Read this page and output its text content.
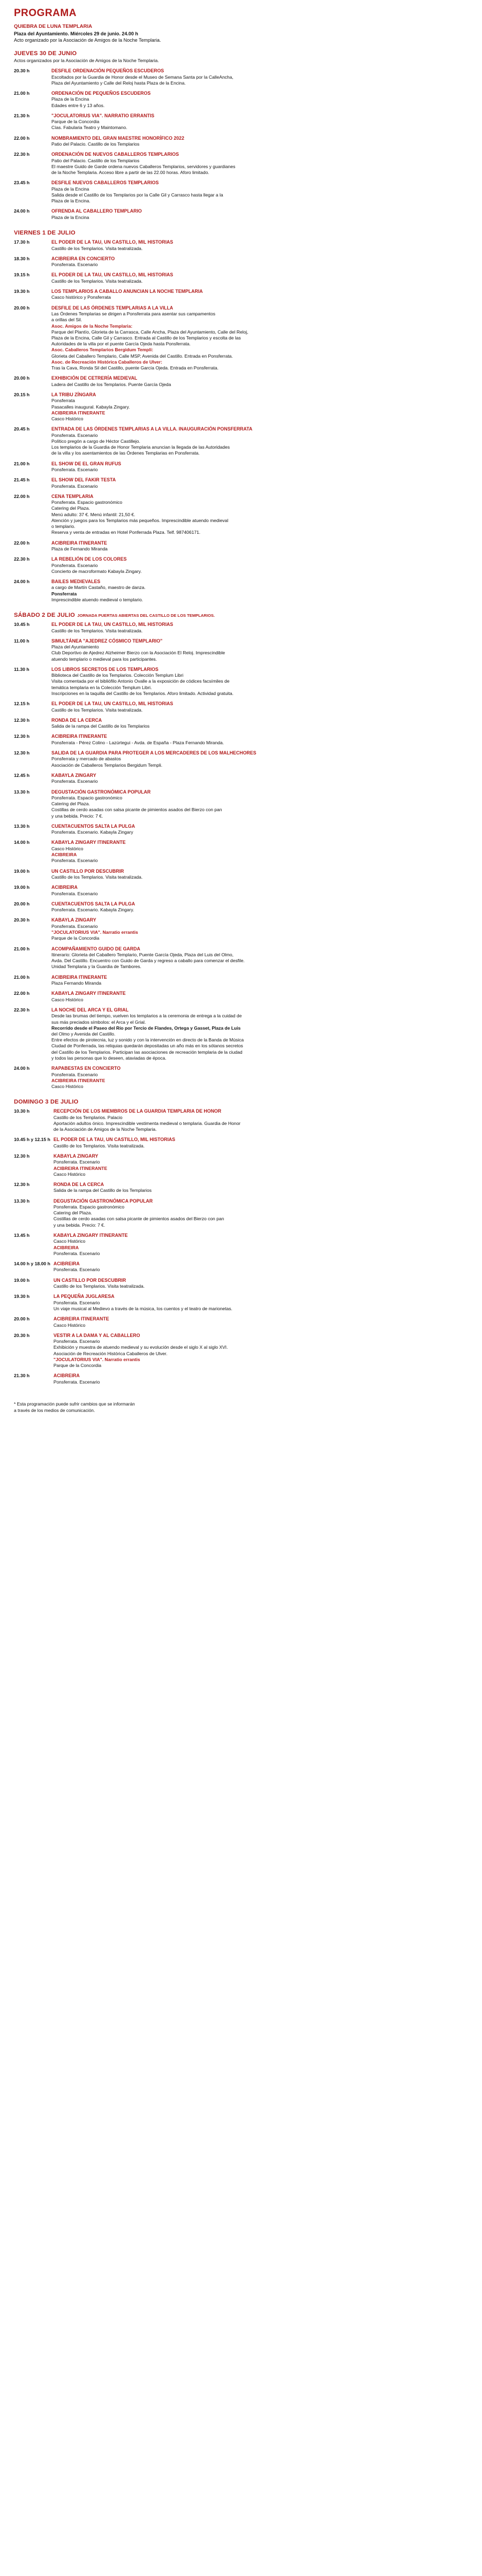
PROGRAMA

QUIEBRA DE LUNA TEMPLARIA

Plaza del Ayuntamiento. Miércoles 29 de junio. 24.00 h

Acto organizado por la Asociación de Amigos de la Noche Templaria.

JUEVES 30 DE JUNIO
Actos organizados por la Asociación de Amigos de la Noche Templaria.
20.30 h	DESFILE ORDENACIÓN PEQUEÑOS ESCUDEROS

Escoltados por la Guardia de Honor desde el Museo de Semana Santa por la CalleAncha,

Plaza del Ayuntamiento y Calle del Reloj hasta Plaza de la Encina.

21.00 h	ORDENACIÓN DE PEQUEÑOS ESCUDEROS

Plaza de la Encina

Edades entre 6 y 13 años.

21.30 h	"JOCULATORIUS VIA". NARRATIO ERRANTIS

Parque de la Concordia

Cías. Fabularia Teatro y Maintomano.

22.00 h	NOMBRAMIENTO DEL GRAN MAESTRE HONORÍFICO 2022

Patio del Palacio. Castillo de los Templarios

22.30 h	ORDENACIÓN DE NUEVOS CABALLEROS TEMPLARIOS

Patio del Palacio. Castillo de los Templarios

El maestre Guido de Garde ordena nuevos Caballeros Templarios, servidores y guardianes

de la Noche Templaria. Acceso libre a partir de las 22.00 horas. Aforo limitado.

23.45 h	DESFILE NUEVOS CABALLEROS TEMPLARIOS

Plaza de la Encina

Salida desde el Castillo de los Templarios por la Calle Gil y Carrasco hasta llegar a la

Plaza de la Encina.

24.00 h	OFRENDA AL CABALLERO TEMPLARIO

Plaza de la Encina

VIERNES 1 DE JULIO
17.30 h	EL PODER DE LA TAU, UN CASTILLO, MIL HISTORIAS

Castillo de los Templarios. Visita teatralizada.

18.30 h	ACIBREIRA EN CONCIERTO

Ponsferrata. Escenario

19.15 h	EL PODER DE LA TAU, UN CASTILLO, MIL HISTORIAS

Castillo de los Templarios. Visita teatralizada.

19.30 h	LOS TEMPLARIOS A CABALLO ANUNCIAN LA NOCHE TEMPLARIA

Casco histórico y Ponsferrata

20.00 h	DESFILE DE LAS ÓRDENES TEMPLARIAS A LA VILLA

Las Órdenes Templarias se dirigen a Ponsferrata para asentar sus campamentos

a orillas del Sil.

Asoc. Amigos de la Noche Templaria:

Parque del Plantío, Glorieta de la Carrasca, Calle Ancha, Plaza del Ayuntamiento, Calle del Reloj,

Plaza de la Encina, Calle Gil y Carrasco. Entrada al Castillo de los Templarios y escolta de las

Autoridades de la villa por el puente García Ojeda hasta Ponsferrata.

Asoc. Caballeros Templarios Bergidum Templi:

Glorieta del Caballero Templario, Calle MSP, Avenida del Castillo. Entrada en Ponsferrata.

Asoc. de Recreación Histórica Caballeros de Ulver:

Tras la Cava, Ronda Sil del Castillo, puente García Ojeda. Entrada en Ponsferrata.

20.00 h	EXHIBICIÓN DE CETRERÍA MEDIEVAL

Ladera del Castillo de los Templarios. Puente García Ojeda

20.15 h	LA TRIBU ZÍNGARA

Ponsferrata

Pasacalles inaugural. Kabayla Zingary.

ACIBREIRA ITINERANTE

Casco Histórico

20.45 h	ENTRADA DE LAS ÓRDENES TEMPLARIAS A LA VILLA. INAUGURACIÓN PONSFERRATA

Ponsferrata. Escenario

Político pregón a cargo de Héctor Castillejo.

Los templarios de la Guardia de Honor Templaria anuncian la llegada de las Autoridades

de la villa y los asentamientos de las Órdenes Templarias en Ponsferrata.

21.00 h	EL SHOW DE EL GRAN RUFUS

Ponsferrata. Escenario

21.45 h	EL SHOW DEL FAKIR TESTA

Ponsferrata. Escenario

22.00 h	CENA TEMPLARIA

Ponsferrata. Espacio gastronómico

Catering del Plaza.

Menú adulto: 37 €. Menú infantil: 21,50 €.

Atención y juegos para los Templarios más pequeños. Imprescindible atuendo medieval

o templario.

Reserva y venta de entradas en Hotel Ponferrada Plaza. Telf. 987406171.

22.00 h	ACIBREIRA ITINERANTE

Plaza de Fernando Miranda

22.30 h	LA REBELIÓN DE LOS COLORES

Ponsferrata. Escenario

Concierto de macroformato Kabayla Zingary.

24.00 h	BAILES MEDIEVALES

a cargo de Martín Castaño, maestro de danza.

Ponsferrata

Imprescindible atuendo medieval o templario.

SÁBADO 2 DE JULIO  JORNADA PUERTAS ABIERTAS DEL CASTILLO DE LOS TEMPLARIOS.
10.45 h	EL PODER DE LA TAU, UN CASTILLO, MIL HISTORIAS

Castillo de los Templarios. Visita teatralizada.

11.00 h	SIMULTÁNEA "AJEDREZ CÓSMICO TEMPLARIO"

Plaza del Ayuntamiento

Club Deportivo de Ajedrez Alzheimer Bierzo con la Asociación El Reloj. Imprescindible

atuendo templario o medieval para los participantes.

11.30 h	LOS LIBROS SECRETOS DE LOS TEMPLARIOS

Biblioteca del Castillo de los Templarios. Colección Templum Libri

Visita comentada por el bibliófilo Antonio Ovalle a la exposición de códices facsímiles de

temática templaria en la Colección Templum Libri.

Inscripciones en la taquilla del Castillo de los Templarios. Aforo limitado. Actividad gratuita.

12.15 h	EL PODER DE LA TAU, UN CASTILLO, MIL HISTORIAS

Castillo de los Templarios. Visita teatralizada.

12.30 h	RONDA DE LA CERCA

Salida de la rampa del Castillo de los Templarios

12.30 h	ACIBREIRA ITINERANTE

Ponsferrata - Pérez Colino - Lazúrtegui - Avda. de España - Plaza Fernando Miranda.

12.30 h	SALIDA DE LA GUARDIA PARA PROTEGER A LOS MERCADERES DE LOS MALHECHORES

Ponsferrata y mercado de abastos

Asociación de Caballeros Templarios Bergidum Templi.

12.45 h	KABAYLA ZINGARY

Ponsferrata. Escenario

13.30 h	DEGUSTACIÓN GASTRONÓMICA POPULAR

Ponsferrata. Espacio gastronómico

Catering del Plaza.

Costillas de cerdo asadas con salsa picante de pimientos asados del Bierzo con pan

y una bebida. Precio: 7 €.

13.30 h	CUENTACUENTOS SALTA LA PULGA

Ponsferrata. Escenario. Kabayla Zingary

14.00 h	KABAYLA ZINGARY ITINERANTE

Casco Histórico

ACIBREIRA

Ponsferrata. Escenario

19.00 h	UN CASTILLO POR DESCUBRIR

Castillo de los Templarios. Visita teatralizada.

19.00 h	ACIBREIRA

Ponsferrata. Escenario

20.00 h	CUENTACUENTOS SALTA LA PULGA

Ponsferrata. Escenario. Kabayla Zingary.

20.30 h	KABAYLA ZINGARY

Ponsferrata. Escenario

"JOCULATORIUS VIA". Narratio errantis

Parque de la Concordia

21.00 h	ACOMPAÑAMIENTO GUIDO DE GARDA

Itinerario: Glorieta del Caballero Templario, Puente García Ojeda, Plaza del Luis del Olmo,

Avda. Del Castillo. Encuentro con Guido de Garda y regreso a caballo para comenzar el desfile.

Unidad Templaria y la Guardia de Tambores.

21.00 h	ACIBREIRA ITINERANTE

Plaza Fernando Miranda

22.00 h	KABAYLA ZINGARY ITINERANTE

Casco Histórico

22.30 h	LA NOCHE DEL ARCA Y EL GRIAL

Desde las brumas del tiempo, vuelven los templarios a la ceremonia de entrega a la cuidad de

sus más preciados símbolos: el Arca y el Grial.

Recorrido desde el Paseo del Río por Tercio de Flandes, Ortega y Gasset, Plaza de Luis

del Olmo y Avenida del Castillo.

Entre efectos de pirotecnia, luz y sonido y con la intervención en directo de la Banda de Música

Ciudad de Ponferrada, las reliquias quedarán depositadas un año más en los sótanos secretos

del Castillo de los Templarios. Participan las asociaciones de recreación templaria de la ciudad

y todos las personas que lo deseen, ataviadas de época.

24.00 h	RAPABESTAS EN CONCIERTO

Ponsferrata. Escenario

ACIBREIRA ITINERANTE

Casco Histórico

DOMINGO 3 DE JULIO
10.30 h	RECEPCIÓN DE LOS MIEMBROS DE LA GUARDIA TEMPLARIA DE HONOR

Castillo de los Templarios. Palacio

Aportación adultos ónico. Imprescindible vestimenta medieval o templaria. Guardia de Honor

de la Asociación de Amigos de la Noche Templaria.

10.45 h y 12.15 h	EL PODER DE LA TAU, UN CASTILLO, MIL HISTORIAS

Castillo de los Templarios. Visita teatralizada.

12.30 h	KABAYLA ZINGARY

Ponsferrata. Escenario

ACIBREIRA ITINERANTE

Casco Histórico

12.30 h	RONDA DE LA CERCA

Salida de la rampa del Castillo de los Templarios

13.30 h	DEGUSTACIÓN GASTRONÓMICA POPULAR

Ponsferrata. Espacio gastronómico

Catering del Plaza.

Costillas de cerdo asadas con salsa picante de pimientos asados del Bierzo con pan

y una bebida. Precio: 7 €.

13.45 h	KABAYLA ZINGARY ITINERANTE

Casco Histórico

ACIBREIRA

Ponsferrata. Escenario

14.00 h y 18.00 h	ACIBREIRA

Ponsferrata. Escenario

19.00 h	UN CASTILLO POR DESCUBRIR

Castillo de los Templarios. Visita teatralizada.

19.30 h	LA PEQUEÑA JUGLARESA

Ponsferrata. Escenario

Un viaje musical al Medievo a través de la música, los cuentos y el teatro de marionetas.

20.00 h	ACIBREIRA ITINERANTE

Casco Histórico

20.30 h	VESTIR A LA DAMA Y AL CABALLERO

Ponsferrata. Escenario

Exhibición y muestra de atuendo medieval y su evolución desde el siglo X al siglo XVI.

Asociación de Recreación Histórica Caballeros de Ulver.

"JOCULATORIUS VIA". Narratio errantis

Parque de la Concordia

21.30 h	ACIBREIRA

Ponsferrata. Escenario

* Esta programación puede sufrir cambios que se informarán
a través de los medios de comunicación.
